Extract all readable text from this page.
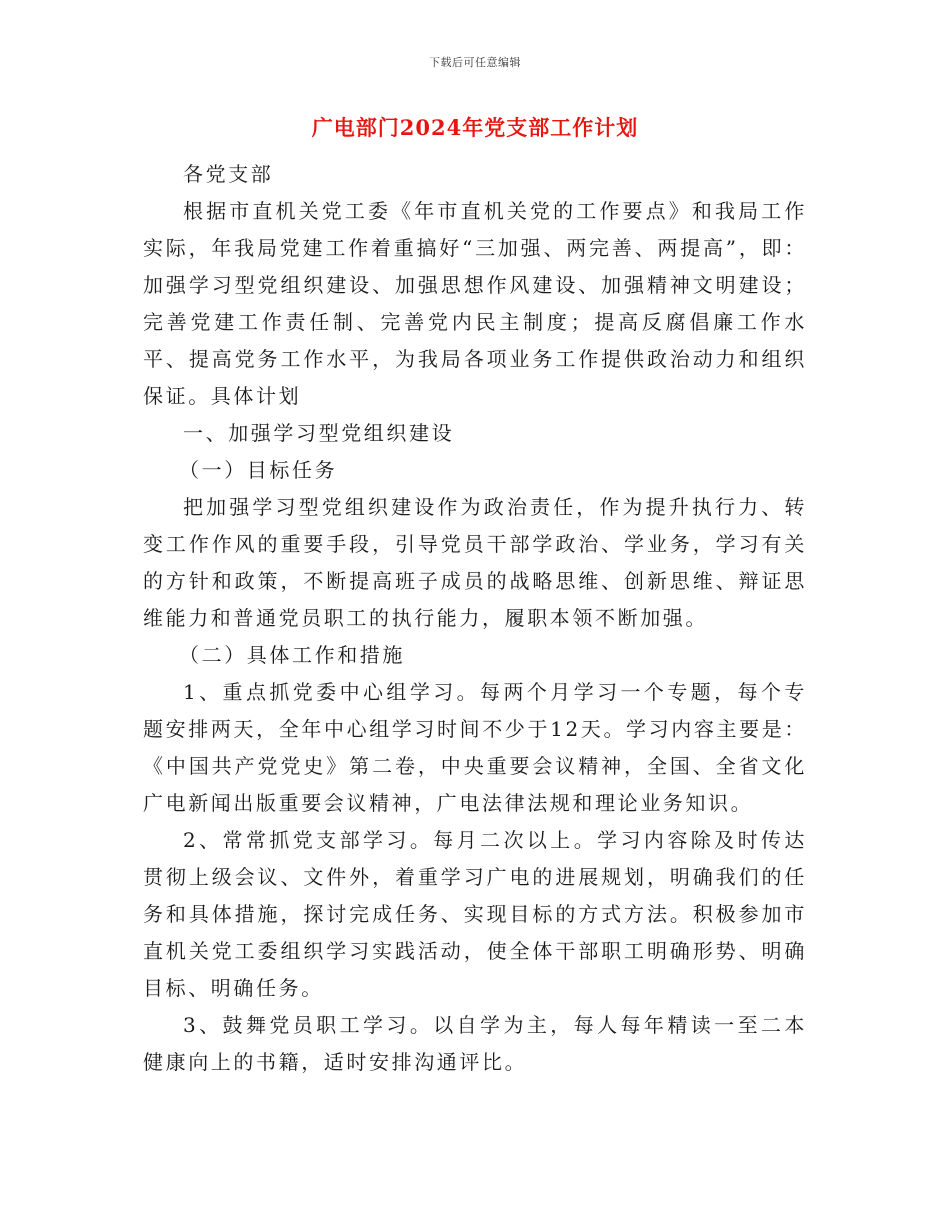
下载后可任意编辑
广电部门2024年党支部工作计划

各党支部

根据市直机关党工委《年市直机关党的工作要点》和我局工作实际，年我局党建工作着重搞好“三加强、两完善、两提高”，即：加强学习型党组织建设、加强思想作风建设、加强精神文明建设；完善党建工作责任制、完善党内民主制度；提高反腐倡廉工作水平、提高党务工作水平，为我局各项业务工作提供政治动力和组织保证。具体计划

一、加强学习型党组织建设

（一）目标任务

把加强学习型党组织建设作为政治责任，作为提升执行力、转变工作作风的重要手段，引导党员干部学政治、学业务，学习有关的方针和政策，不断提高班子成员的战略思维、创新思维、辩证思维能力和普通党员职工的执行能力，履职本领不断加强。

（二）具体工作和措施

1、重点抓党委中心组学习。每两个月学习一个专题，每个专题安排两天，全年中心组学习时间不少于12天。学习内容主要是：《中国共产党党史》第二卷，中央重要会议精神，全国、全省文化广电新闻出版重要会议精神，广电法律法规和理论业务知识。

2、常常抓党支部学习。每月二次以上。学习内容除及时传达贯彻上级会议、文件外，着重学习广电的进展规划，明确我们的任务和具体措施，探讨完成任务、实现目标的方式方法。积极参加市直机关党工委组织学习实践活动，使全体干部职工明确形势、明确目标、明确任务。

3、鼓舞党员职工学习。以自学为主，每人每年精读一至二本健康向上的书籍，适时安排沟通评比。
